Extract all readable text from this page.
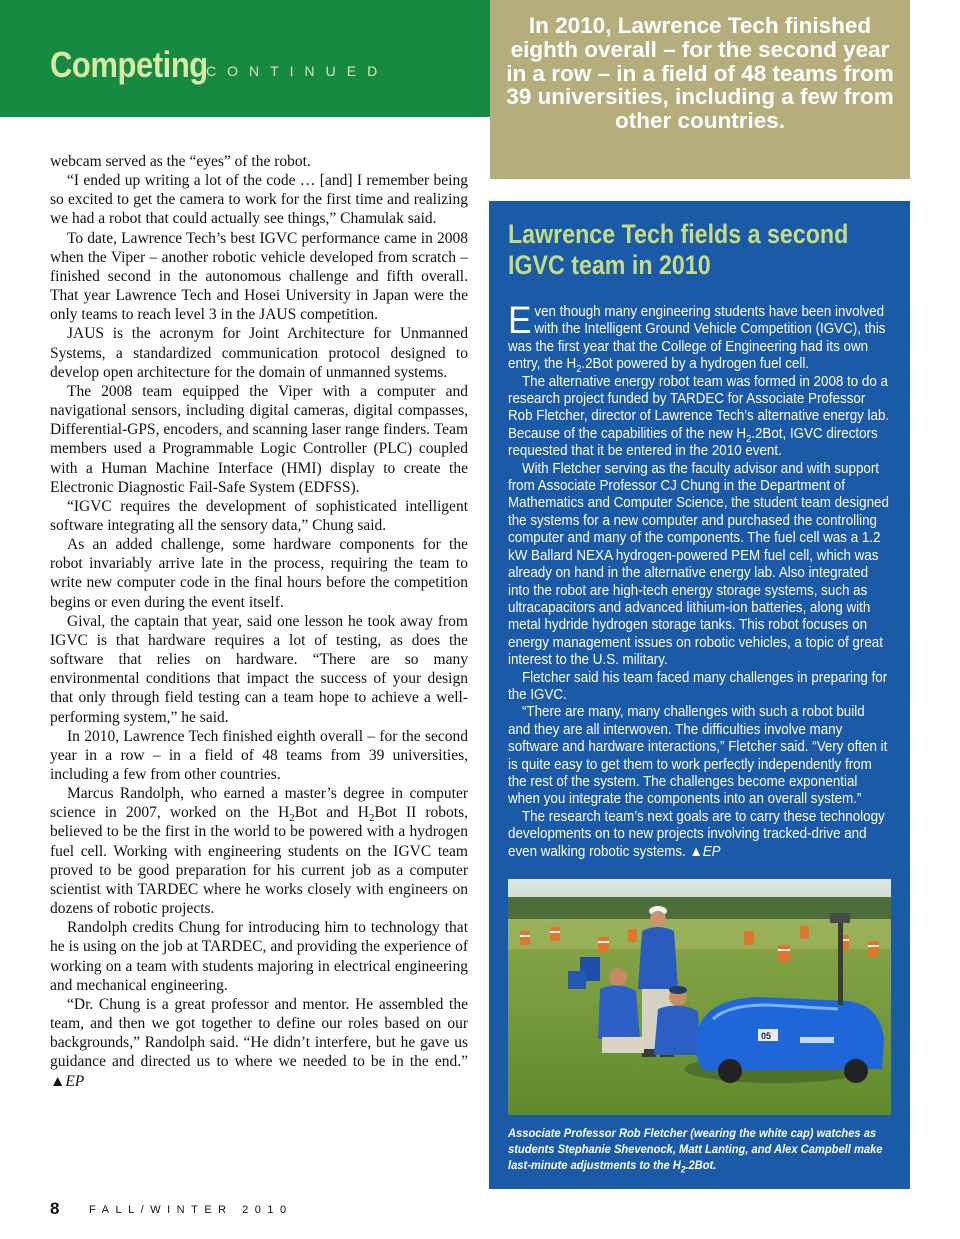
Competing
CONTINUED
In 2010, Lawrence Tech finished eighth overall – for the second year in a row – in a field of 48 teams from 39 universities, including a few from other countries.

webcam served as the “eyes” of the robot.

“I ended up writing a lot of the code … [and] I remember being so excited to get the camera to work for the first time and realizing we had a robot that could actually see things,” Chamulak said.

To date, Lawrence Tech’s best IGVC performance came in 2008 when the Viper – another robotic vehicle developed from scratch – finished second in the autonomous challenge and fifth overall. That year Lawrence Tech and Hosei University in Japan were the only teams to reach level 3 in the JAUS competition.

JAUS is the acronym for Joint Architecture for Unmanned Systems, a standardized communication protocol designed to develop open architecture for the domain of unmanned systems.

The 2008 team equipped the Viper with a computer and navigational sensors, including digital cameras, digital compasses, Differential-GPS, encoders, and scanning laser range finders. Team members used a Programmable Logic Controller (PLC) coupled with a Human Machine Interface (HMI) display to create the Electronic Diagnostic Fail-Safe System (EDFSS).

“IGVC requires the development of sophisticated intelligent software integrating all the sensory data,” Chung said.

As an added challenge, some hardware components for the robot invariably arrive late in the process, requiring the team to write new computer code in the final hours before the competition begins or even during the event itself.

Gival, the captain that year, said one lesson he took away from IGVC is that hardware requires a lot of testing, as does the software that relies on hardware. “There are so many environmental conditions that impact the success of your design that only through field testing can a team hope to achieve a well-performing system,” he said.

In 2010, Lawrence Tech finished eighth overall – for the second year in a row – in a field of 48 teams from 39 universities, including a few from other countries.

Marcus Randolph, who earned a master’s degree in computer science in 2007, worked on the $H_2Bot$ and $H_2Bot$ II robots, believed to be the first in the world to be powered with a hydrogen fuel cell. Working with engineering students on the IGVC team proved to be good preparation for his current job as a computer scientist with TARDEC where he works closely with engineers on dozens of robotic projects.

Randolph credits Chung for introducing him to technology that he is using on the job at TARDEC, and providing the experience of working on a team with students majoring in electrical engineering and mechanical engineering.

“Dr. Chung is a great professor and mentor. He assembled the team, and then we got together to define our roles based on our backgrounds,” Randolph said. “He didn’t interfere, but he gave us guidance and directed us to where we needed to be in the end.” ▲EP

Lawrence Tech fields a second
IGVC team in 2010

Even though many engineering students have been involved with the Intelligent Ground Vehicle Competition (IGVC), this was the first year that the College of Engineering had its own entry, the $H_2.2Bot$ powered by a hydrogen fuel cell.

The alternative energy robot team was formed in 2008 to do a research project funded by TARDEC for Associate Professor Rob Fletcher, director of Lawrence Tech’s alternative energy lab. Because of the capabilities of the new $H_2.2Bot$, IGVC directors requested that it be entered in the 2010 event.

With Fletcher serving as the faculty advisor and with support from Associate Professor CJ Chung in the Department of Mathematics and Computer Science, the student team designed the systems for a new computer and purchased the controlling computer and many of the components. The fuel cell was a 1.2 kW Ballard NEXA hydrogen-powered PEM fuel cell, which was already on hand in the alternative energy lab. Also integrated into the robot are high-tech energy storage systems, such as ultracapacitors and advanced lithium-ion batteries, along with metal hydride hydrogen storage tanks. This robot focuses on energy management issues on robotic vehicles, a topic of great interest to the U.S. military.

Fletcher said his team faced many challenges in preparing for the IGVC.

“There are many, many challenges with such a robot build and they are all interwoven. The difficulties involve many software and hardware interactions,” Fletcher said. “Very often it is quite easy to get them to work perfectly independently from the rest of the system. The challenges become exponential when you integrate the components into an overall system.”

The research team’s next goals are to carry these technology developments on to new projects involving tracked-drive and even walking robotic systems. ▲EP

05
Associate Professor Rob Fletcher (wearing the white cap) watches as students Stephanie Shevenock, Matt Lanting, and Alex Campbell make last-minute adjustments to the $H_2.2Bot$.
8	FALL/WINTER 2010
